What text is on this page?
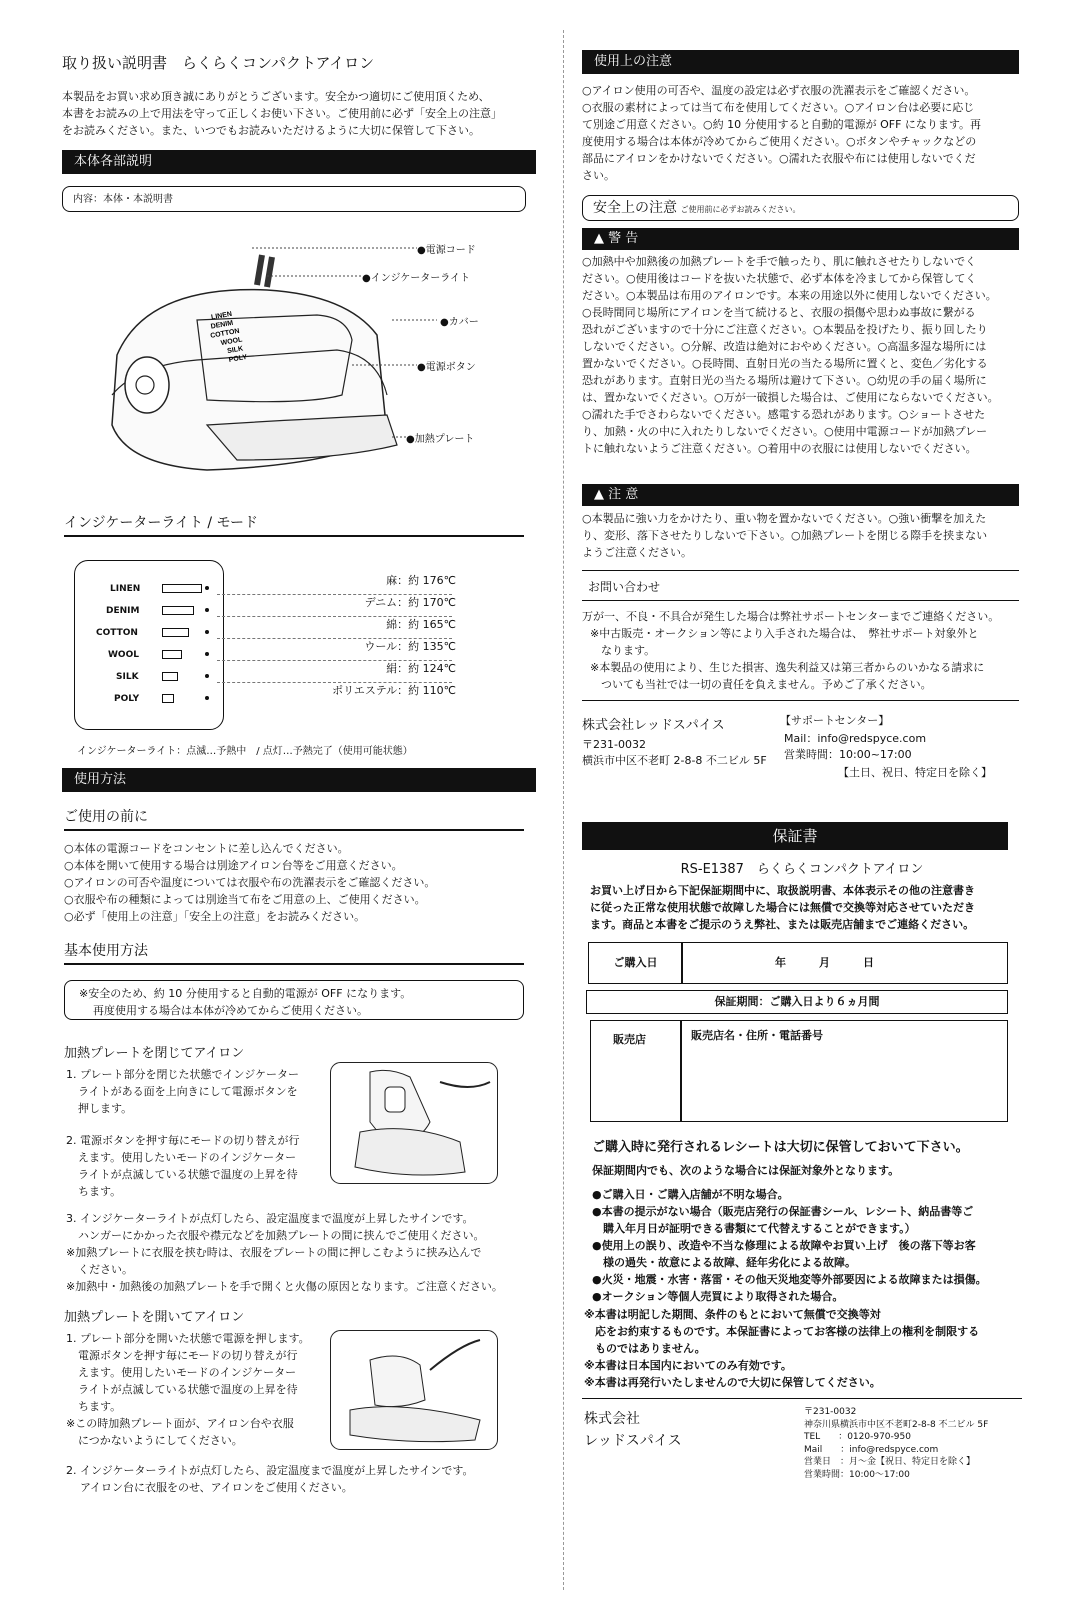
取り扱い説明書　らくらくコンパクトアイロン
本製品をお買い求め頂き誠にありがとうございます。安全かつ適切にご使用頂くため、
本書をお読みの上で用法を守って正しくお使い下さい。ご使用前に必ず「安全上の注意」
をお読みください。また、いつでもお読みいただけるように大切に保管して下さい。
本体各部説明
内容：本体・本説明書
LINEN
DENIM
COTTON
WOOL
SILK
POLY
●電源コード
●インジケーターライト
●カバー
●電源ボタン
●加熱プレート
インジケーターライト / モード
LINEN
麻：約 176℃
DENIM
デニム：約 170℃
COTTON
綿：約 165℃
WOOL
ウール：約 135℃
SILK
絹：約 124℃
POLY
ポリエステル：約 110℃
インジケーターライト：点滅…予熱中　/ 点灯…予熱完了（使用可能状態）
使用方法
ご使用の前に
○本体の電源コードをコンセントに差し込んでください。
○本体を開いて使用する場合は別途アイロン台等をご用意ください。
○アイロンの可否や温度については衣服や布の洗濯表示をご確認ください。
○衣服や布の種類によっては別途当て布をご用意の上、ご使用ください。
○必ず「使用上の注意」「安全上の注意」をお読みください。
基本使用方法
※安全のため、約 10 分使用すると自動的電源が OFF になります。
再度使用する場合は本体が冷めてからご使用ください。
加熱プレートを閉じてアイロン
1. プレート部分を閉じた状態でインジケーター
ライトがある面を上向きにして電源ボタンを
押します。
2. 電源ボタンを押す毎にモードの切り替えが行
えます。使用したいモードのインジケーター
ライトが点滅している状態で温度の上昇を待
ちます。
3. インジケーターライトが点灯したら、設定温度まで温度が上昇したサインです。
ハンガーにかかった衣服や襟元などを加熱プレートの間に挟んでご使用ください。
※加熱プレートに衣服を挟む時は、衣服をプレートの間に押しこむように挟み込んで
ください。
※加熱中・加熱後の加熱プレートを手で開くと火傷の原因となります。ご注意ください。
加熱プレートを開いてアイロン
1. プレート部分を開いた状態で電源を押します。
電源ボタンを押す毎にモードの切り替えが行
えます。使用したいモードのインジケーター
ライトが点滅している状態で温度の上昇を待
ちます。
※この時加熱プレート面が、アイロン台や衣服
につかないようにしてください。
2. インジケーターライトが点灯したら、設定温度まで温度が上昇したサインです。
アイロン台に衣服をのせ、アイロンをご使用ください。
使用上の注意
○アイロン使用の可否や、温度の設定は必ず衣服の洗濯表示をご確認ください。
○衣服の素材によっては当て布を使用してください。○アイロン台は必要に応じ
て別途ご用意ください。○約 10 分使用すると自動的電源が OFF になります。再
度使用する場合は本体が冷めてからご使用ください。○ボタンやチャックなどの
部品にアイロンをかけないでください。○濡れた衣服や布には使用しないでくだ
さい。
安全上の注意 ご使用前に必ずお読みください。
▲ 警 告
○加熱中や加熱後の加熱プレートを手で触ったり、肌に触れさせたりしないでく
ださい。○使用後はコードを抜いた状態で、必ず本体を冷ましてから保管してく
ださい。○本製品は布用のアイロンです。本来の用途以外に使用しないでください。
○長時間同じ場所にアイロンを当て続けると、衣服の損傷や思わぬ事故に繋がる
恐れがございますので十分にご注意ください。○本製品を投げたり、振り回したり
しないでください。○分解、改造は絶対におやめください。○高温多湿な場所には
置かないでください。○長時間、直射日光の当たる場所に置くと、変色／劣化する
恐れがあります。直射日光の当たる場所は避けて下さい。○幼児の手の届く場所に
は、置かないでください。○万が一破損した場合は、ご使用にならないでください。
○濡れた手でさわらないでください。感電する恐れがあります。○ショートさせた
り、加熱・火の中に入れたりしないでください。○使用中電源コードが加熱プレー
トに触れないようご注意ください。○着用中の衣服には使用しないでください。
▲ 注 意
○本製品に強い力をかけたり、重い物を置かないでください。○強い衝撃を加えた
り、変形、落下させたりしないで下さい。○加熱プレートを閉じる際手を挟まない
ようご注意ください。
お問い合わせ
万が一、不良・不具合が発生した場合は弊社サポートセンターまでご連絡ください。
※中古販売・オークション等により入手された場合は、　弊社サポート対象外と
　なります。
※本製品の使用により、生じた損害、逸失利益又は第三者からのいかなる請求に
　ついても当社では一切の責任を負えません。予めご了承ください。
株式会社レッドスパイス
〒231-0032
横浜市中区不老町 2-8-8 不二ビル 5F
【サポートセンター】
Mail：info@redspyce.com
営業時間：10:00~17:00
【土日、祝日、特定日を除く】
保証書
RS-E1387　らくらくコンパクトアイロン
お買い上げ日から下記保証期間中に、取扱説明書、本体表示その他の注意書き
に従った正常な使用状態で故障した場合には無償で交換等対応させていただき
ます。商品と本書をご提示のうえ弊社、または販売店舗までご連絡ください。
ご購入日	年　　　月　　　日
保証期間：ご購入日より６ヵ月間
販売店	販売店名・住所・電話番号
ご購入時に発行されるレシートは大切に保管しておいて下さい。
保証期間内でも、次のような場合には保証対象外となります。
●ご購入日・ご購入店舗が不明な場合。
●本書の提示がない場合（販売店発行の保証書シール、レシート、納品書等ご
　購入年月日が証明できる書類にて代替えすることができます。）
●使用上の誤り、改造や不当な修理による故障やお買い上げ　後の落下等お客
　様の過失・故意による故障、経年劣化による故障。
●火災・地震・水害・落雷・その他天災地変等外部要因による故障または損傷。
●オークション等個人売買により取得された場合。
※本書は明記した期間、条件のもとにおいて無償で交換等対
　応をお約束するものです。本保証書によってお客様の法律上の権利を制限する
　ものではありません。
※本書は日本国内においてのみ有効です。
※本書は再発行いたしませんので大切に保管してください。
株式会社
レッドスパイス
〒231-0032
神奈川県横浜市中区不老町2-8-8 不二ビル 5F
TEL　　：0120-970-950
Mail　　：info@redspyce.com
営業日　：月〜金【祝日、特定日を除く】
営業時間：10:00〜17:00
